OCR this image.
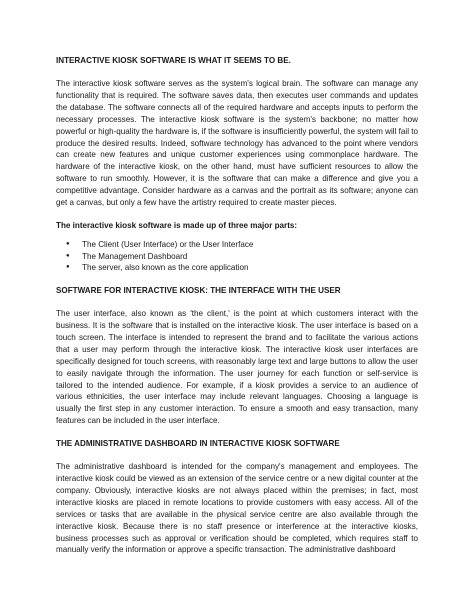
INTERACTIVE KIOSK SOFTWARE IS WHAT IT SEEMS TO BE.

The interactive kiosk software serves as the system's logical brain. The software can manage any functionality that is required. The software saves data, then executes user commands and updates the database. The software connects all of the required hardware and accepts inputs to perform the necessary processes. The interactive kiosk software is the system's backbone; no matter how powerful or high-quality the hardware is, if the software is insufficiently powerful, the system will fail to produce the desired results. Indeed, software technology has advanced to the point where vendors can create new features and unique customer experiences using commonplace hardware. The hardware of the interactive kiosk, on the other hand, must have sufficient resources to allow the software to run smoothly. However, it is the software that can make a difference and give you a competitive advantage. Consider hardware as a canvas and the portrait as its software; anyone can get a canvas, but only a few have the artistry required to create master pieces.

The interactive kiosk software is made up of three major parts:

●	The Client (User Interface) or the User Interface
●	The Management Dashboard
●	The server, also known as the core application

SOFTWARE FOR INTERACTIVE KIOSK: THE INTERFACE WITH THE USER

The user interface, also known as 'the client,' is the point at which customers interact with the business. It is the software that is installed on the interactive kiosk. The user interface is based on a touch screen. The interface is intended to represent the brand and to facilitate the various actions that a user may perform through the interactive kiosk. The interactive kiosk user interfaces are specifically designed for touch screens, with reasonably large text and large buttons to allow the user to easily navigate through the information. The user journey for each function or self-service is tailored to the intended audience. For example, if a kiosk provides a service to an audience of various ethnicities, the user interface may include relevant languages. Choosing a language is usually the first step in any customer interaction. To ensure a smooth and easy transaction, many features can be included in the user interface.

THE ADMINISTRATIVE DASHBOARD IN INTERACTIVE KIOSK SOFTWARE

The administrative dashboard is intended for the company's management and employees. The interactive kiosk could be viewed as an extension of the service centre or a new digital counter at the company. Obviously, interactive kiosks are not always placed within the premises; in fact, most interactive kiosks are placed in remote locations to provide customers with easy access. All of the services or tasks that are available in the physical service centre are also available through the interactive kiosk. Because there is no staff presence or interference at the interactive kiosks, business processes such as approval or verification should be completed, which requires staff to manually verify the information or approve a specific transaction. The administrative dashboard
